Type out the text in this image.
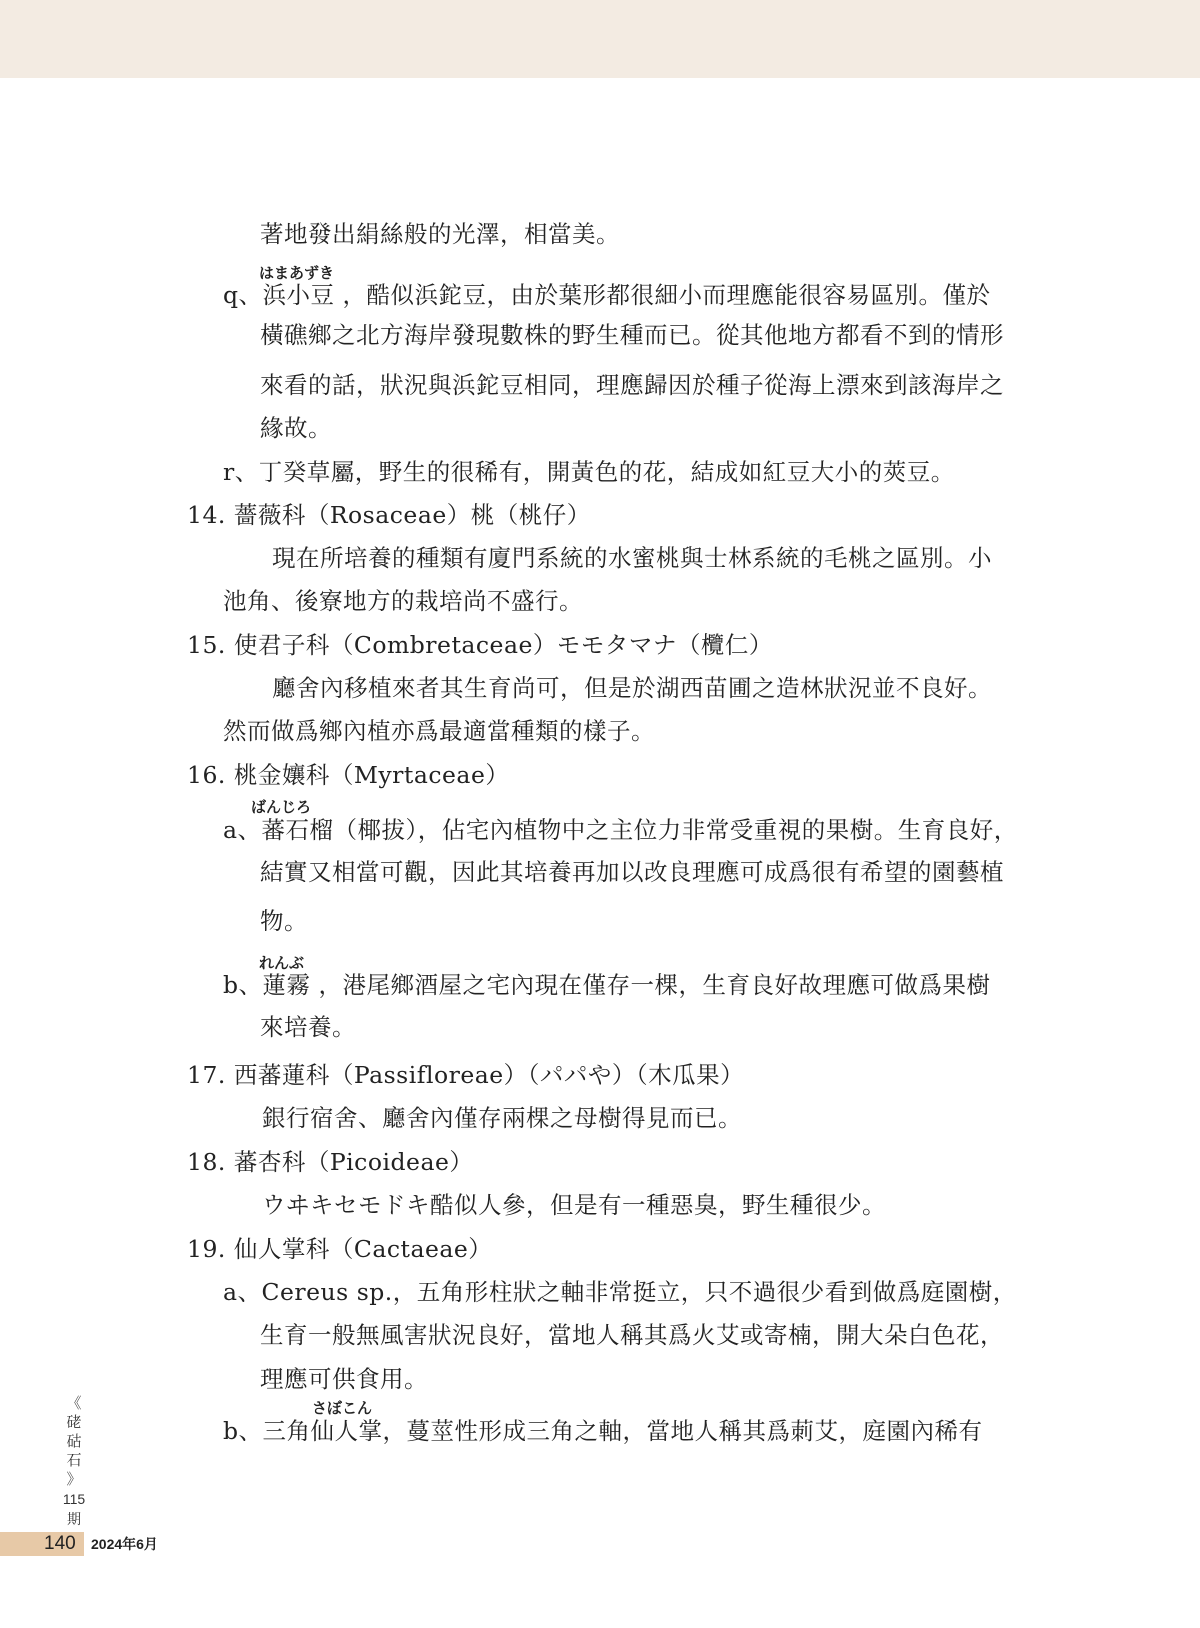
著地發出絹絲般的光澤，相當美。
はまあずき
q、浜小豆 ，酷似浜鉈豆，由於葉形都很細小而理應能很容易區別。僅於
橫礁鄉之北方海岸發現數株的野生種而已。從其他地方都看不到的情形
來看的話，狀況與浜鉈豆相同，理應歸因於種子從海上漂來到該海岸之
緣故。
r、丁癸草屬，野生的很稀有，開黃色的花，結成如紅豆大小的莢豆。
14. 薔薇科（Rosaceae）桃（桃仔）
現在所培養的種類有廈門系統的水蜜桃與士林系統的毛桃之區別。小
池角、後寮地方的栽培尚不盛行。
15. 使君子科（Combretaceae）モモタマナ（欖仁）
廳舍內移植來者其生育尚可，但是於湖西苗圃之造林狀況並不良好。
然而做爲鄉內植亦爲最適當種類的樣子。
16. 桃金孃科（Myrtaceae）
ばんじろ
a、蕃石榴（椰拔），佔宅內植物中之主位力非常受重視的果樹。生育良好，
結實又相當可觀，因此其培養再加以改良理應可成爲很有希望的園藝植
物。
れんぶ
b、蓮霧 ，港尾鄉酒屋之宅內現在僅存一棵，生育良好故理應可做爲果樹
來培養。
17. 西蕃蓮科（Passifloreae）（パパや）（木瓜果）
銀行宿舍、廳舍內僅存兩棵之母樹得見而已。
18. 蕃杏科（Picoideae）
ウヰキセモドキ酷似人參，但是有一種惡臭，野生種很少。
19. 仙人掌科（Cactaeae）
a、Cereus sp.，五角形柱狀之軸非常挺立，只不過很少看到做爲庭園樹，
生育一般無風害狀況良好，當地人稱其爲火艾或寄楠，開大朵白色花，
理應可供食用。
さぼこん
b、三角仙人掌，蔓莖性形成三角之軸，當地人稱其爲莿艾，庭園內稀有
《
硓
𥑮
石
》
115
期
140 2024年6月
